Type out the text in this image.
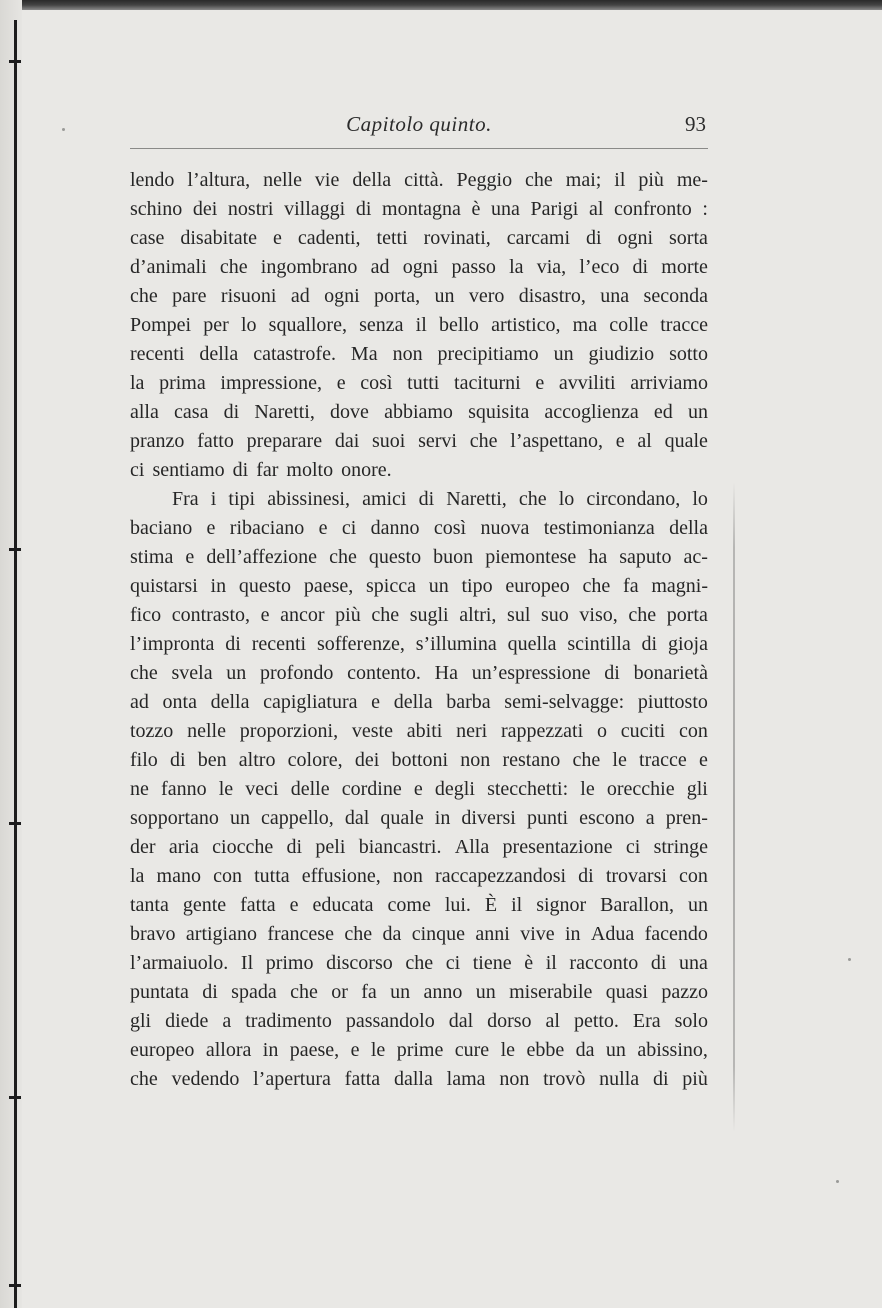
Capitolo quinto.	93
lendo l’altura, nelle vie della città. Peggio che mai; il più me-
schino dei nostri villaggi di montagna è una Parigi al confronto :
case disabitate e cadenti, tetti rovinati, carcami di ogni sorta
d’animali che ingombrano ad ogni passo la via, l’eco di morte
che pare risuoni ad ogni porta, un vero disastro, una seconda
Pompei per lo squallore, senza il bello artistico, ma colle tracce
recenti della catastrofe. Ma non precipitiamo un giudizio sotto
la prima impressione, e così tutti taciturni e avviliti arriviamo
alla casa di Naretti, dove abbiamo squisita accoglienza ed un
pranzo fatto preparare dai suoi servi che l’aspettano, e al quale
ci sentiamo di far molto onore.
Fra i tipi abissinesi, amici di Naretti, che lo circondano, lo
baciano e ribaciano e ci danno così nuova testimonianza della
stima e dell’affezione che questo buon piemontese ha saputo ac-
quistarsi in questo paese, spicca un tipo europeo che fa magni-
fico contrasto, e ancor più che sugli altri, sul suo viso, che porta
l’impronta di recenti sofferenze, s’illumina quella scintilla di gioja
che svela un profondo contento. Ha un’espressione di bonarietà
ad onta della capigliatura e della barba semi-selvagge: piuttosto
tozzo nelle proporzioni, veste abiti neri rappezzati o cuciti con
filo di ben altro colore, dei bottoni non restano che le tracce e
ne fanno le veci delle cordine e degli stecchetti: le orecchie gli
sopportano un cappello, dal quale in diversi punti escono a pren-
der aria ciocche di peli biancastri. Alla presentazione ci stringe
la mano con tutta effusione, non raccapezzandosi di trovarsi con
tanta gente fatta e educata come lui. È il signor Barallon, un
bravo artigiano francese che da cinque anni vive in Adua facendo
l’armaiuolo. Il primo discorso che ci tiene è il racconto di una
puntata di spada che or fa un anno un miserabile quasi pazzo
gli diede a tradimento passandolo dal dorso al petto. Era solo
europeo allora in paese, e le prime cure le ebbe da un abissino,
che vedendo l’apertura fatta dalla lama non trovò nulla di più
